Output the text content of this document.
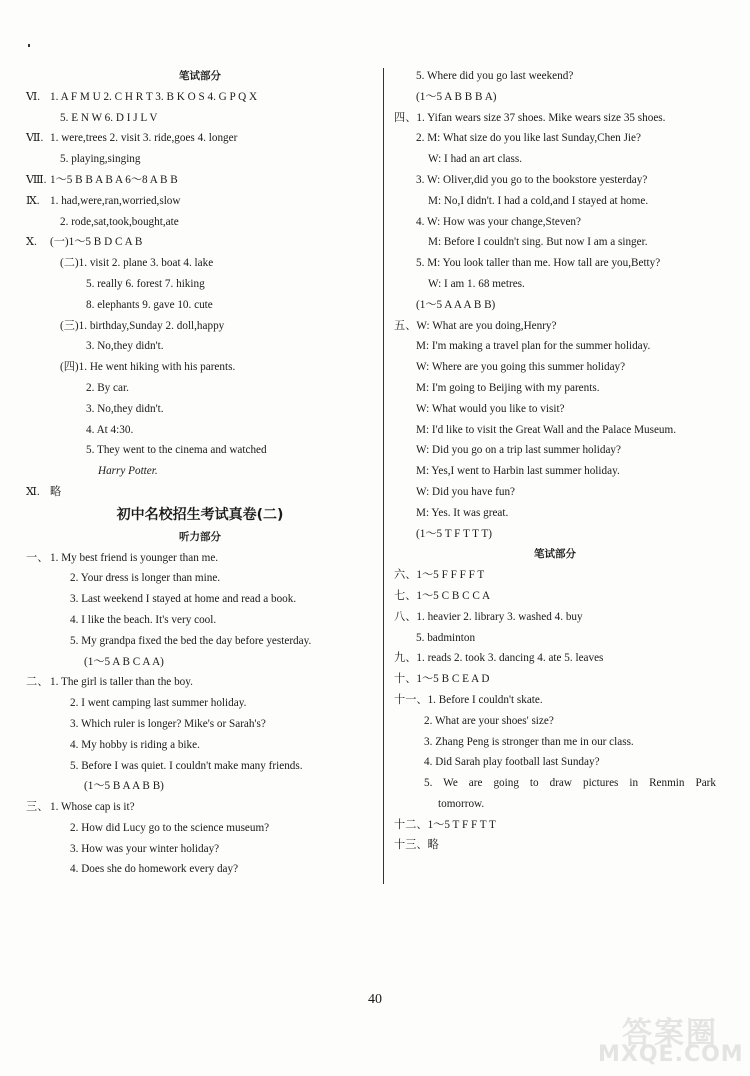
笔试部分
Ⅵ. 1. A F M U 2. C H R T 3. B K O S 4. G P Q X
5. E N W 6. D I J L V
Ⅶ. 1. were,trees 2. visit 3. ride,goes 4. longer
5. playing,singing
Ⅷ. 1～5 B B A B A 6～8 A B B
Ⅸ. 1. had,were,ran,worried,slow
2. rode,sat,took,bought,ate
Ⅹ.	(一)1～5 B D C A B
(二)1. visit 2. plane 3. boat 4. lake
5. really 6. forest 7. hiking
8. elephants 9. gave 10. cute
(三)1. birthday,Sunday 2. doll,happy
3. No,they didn't.
(四)1. He went hiking with his parents.
2. By car.
3. No,they didn't.
4. At 4:30.
5. They went to the cinema and watched
Harry Potter.
Ⅺ. 略
初中名校招生考试真卷(二)
听力部分
一、 1. My best friend is younger than me.
2. Your dress is longer than mine.
3. Last weekend I stayed at home and read a book.
4. I like the beach. It's very cool.
5. My grandpa fixed the bed the day before yesterday.
(1～5 A B C A A)
二、 1. The girl is taller than the boy.
2. I went camping last summer holiday.
3. Which ruler is longer? Mike's or Sarah's?
4. My hobby is riding a bike.
5. Before I was quiet. I couldn't make many friends.
(1～5 B A A B B)
三、 1. Whose cap is it?
2. How did Lucy go to the science museum?
3. How was your winter holiday?
4. Does she do homework every day?
5. Where did you go last weekend?
(1～5 A B B B A)
四、 1. Yifan wears size 37 shoes. Mike wears size 35 shoes.
2. M: What size do you like last Sunday,Chen Jie?
W: I had an art class.
3. W: Oliver,did you go to the bookstore yesterday?
M: No,I didn't. I had a cold,and I stayed at home.
4. W: How was your change,Steven?
M: Before I couldn't sing. But now I am a singer.
5. M: You look taller than me. How tall are you,Betty?
W: I am 1. 68 metres.
(1～5 A A A B B)
五、 W: What are you doing,Henry?
M: I'm making a travel plan for the summer holiday.
W: Where are you going this summer holiday?
M: I'm going to Beijing with my parents.
W: What would you like to visit?
M: I'd like to visit the Great Wall and the Palace Museum.
W: Did you go on a trip last summer holiday?
M: Yes,I went to Harbin last summer holiday.
W: Did you have fun?
M: Yes. It was great.
(1～5 T F T T T)
笔试部分
六、 1～5 F F F F T
七、 1～5 C B C C A
八、 1. heavier 2. library 3. washed 4. buy
5. badminton
九、 1. reads 2. took 3. dancing 4. ate 5. leaves
十、 1～5 B C E A D
十一、 1. Before I couldn't skate.
2. What are your shoes' size?
3. Zhang Peng is stronger than me in our class.
4. Did Sarah play football last Sunday?
5. We are going to draw pictures in Renmin Park
tomorrow.
十二、 1～5 T F F T T
十三、 略
40
答案圈
MXQE.COM
